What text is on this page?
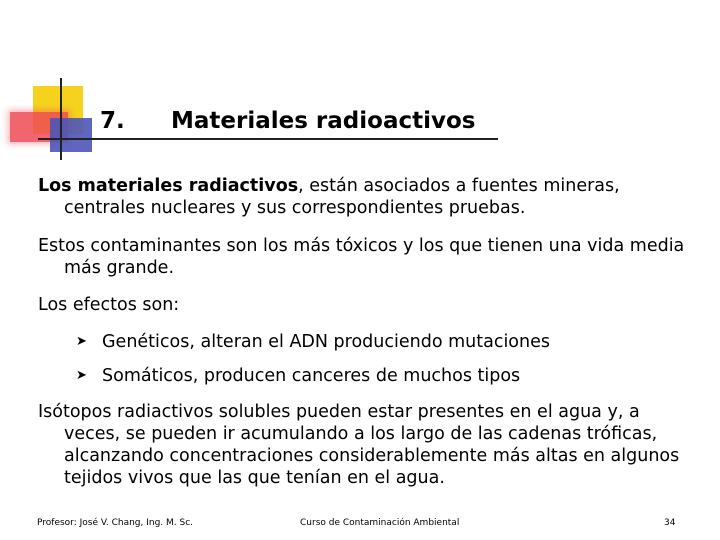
7. Materiales radioactivos
Los materiales radiactivos, están asociados a fuentes mineras,
centrales nucleares y sus correspondientes pruebas.
Estos contaminantes son los más tóxicos y los que tienen una vida media
más grande.
Los efectos son:
➤ Genéticos, alteran el ADN produciendo mutaciones
➤ Somáticos, producen canceres de muchos tipos
Isótopos radiactivos solubles pueden estar presentes en el agua y, a
veces, se pueden ir acumulando a los largo de las cadenas tróficas,
alcanzando concentraciones considerablemente más altas en algunos
tejidos vivos que las que tenían en el agua.
Profesor: José V. Chang, Ing. M. Sc.	Curso de Contaminación Ambiental	34
